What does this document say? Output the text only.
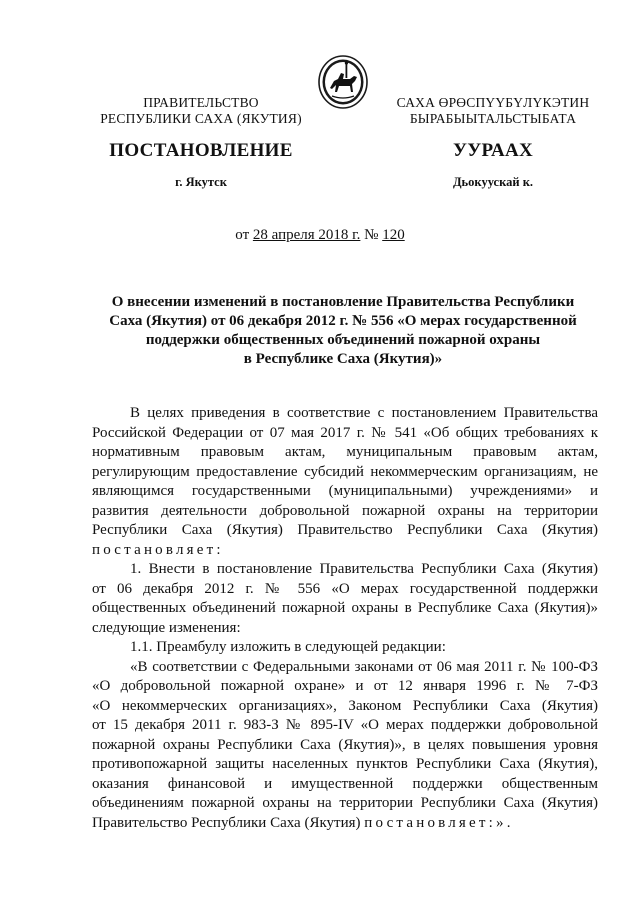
ПРАВИТЕЛЬСТВО
РЕСПУБЛИКИ САХА (ЯКУТИЯ)
САХА ӨРӨСПҮҮБҮЛҮКЭТИН
БЫРАБЫЫТАЛЬСТЫБАТА
ПОСТАНОВЛЕНИЕ	УУРААХ
г. Якутск	Дьокуускай к.
от 28 апреля 2018 г. № 120
О внесении изменений в постановление Правительства Республики
Саха (Якутия) от 06 декабря 2012 г. № 556 «О мерах государственной
поддержки общественных объединений пожарной охраны
в Республике Саха (Якутия)»

В целях приведения в соответствие с постановлением Правительства
Российской Федерации от 07 мая 2017 г. № 541 «Об общих требованиях к
нормативным правовым актам, муниципальным правовым актам,
регулирующим предоставление субсидий некоммерческим организациям, не
являющимся государственными (муниципальными) учреждениями» и
развития деятельности добровольной пожарной охраны на территории
Республики Саха (Якутия) Правительство Республики Саха (Якутия)
постановляет:

1. Внести в постановление Правительства Республики Саха (Якутия)
от 06 декабря 2012 г. № 556 «О мерах государственной поддержки
общественных объединений пожарной охраны в Республике Саха (Якутия)»
следующие изменения:

1.1. Преамбулу изложить в следующей редакции:

«В соответствии с Федеральными законами от 06 мая 2011 г. № 100-ФЗ
«О добровольной пожарной охране» и от 12 января 1996 г. № 7-ФЗ
«О некоммерческих организациях», Законом Республики Саха (Якутия)
от 15 декабря 2011 г. 983-З № 895-IV «О мерах поддержки добровольной
пожарной охраны Республики Саха (Якутия)», в целях повышения уровня
противопожарной защиты населенных пунктов Республики Саха (Якутия),
оказания финансовой и имущественной поддержки общественным
объединениям пожарной охраны на территории Республики Саха (Якутия)
Правительство Республики Саха (Якутия) постановляет:».
